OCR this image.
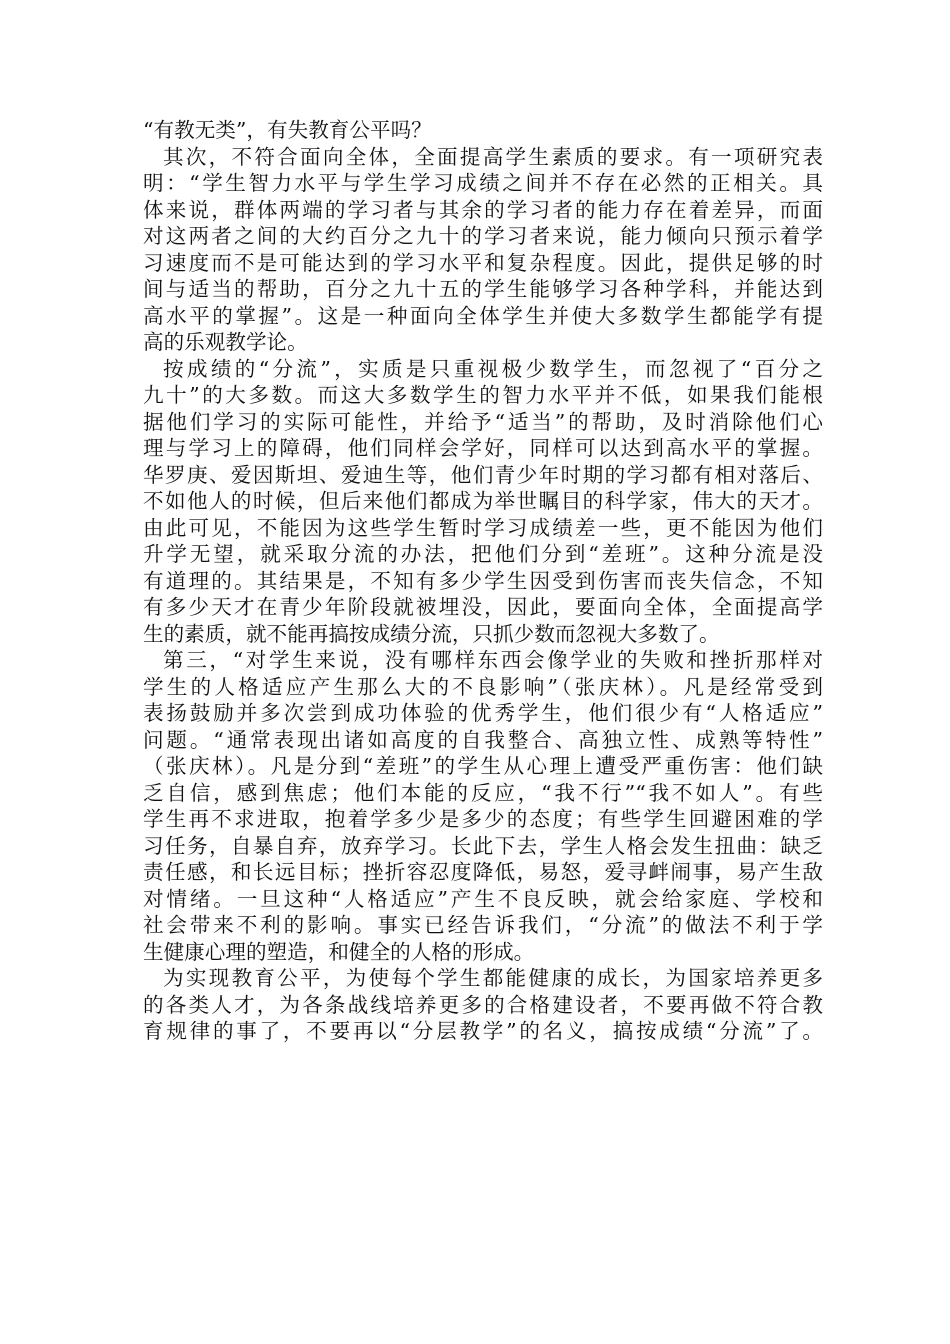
“有教无类”，有失教育公平吗？
其次，不符合面向全体，全面提高学生素质的要求。有一项研究表
明：“学生智力水平与学生学习成绩之间并不存在必然的正相关。具
体来说，群体两端的学习者与其余的学习者的能力存在着差异，而面
对这两者之间的大约百分之九十的学习者来说，能力倾向只预示着学
习速度而不是可能达到的学习水平和复杂程度。因此，提供足够的时
间与适当的帮助，百分之九十五的学生能够学习各种学科，并能达到
高水平的掌握”。这是一种面向全体学生并使大多数学生都能学有提
高的乐观教学论。
按成绩的“分流”，实质是只重视极少数学生，而忽视了“百分之
九十”的大多数。而这大多数学生的智力水平并不低，如果我们能根
据他们学习的实际可能性，并给予“适当”的帮助，及时消除他们心
理与学习上的障碍，他们同样会学好，同样可以达到高水平的掌握。
华罗庚、爱因斯坦、爱迪生等，他们青少年时期的学习都有相对落后、
不如他人的时候，但后来他们都成为举世瞩目的科学家，伟大的天才。
由此可见，不能因为这些学生暂时学习成绩差一些，更不能因为他们
升学无望，就采取分流的办法，把他们分到“差班”。这种分流是没
有道理的。其结果是，不知有多少学生因受到伤害而丧失信念，不知
有多少天才在青少年阶段就被埋没，因此，要面向全体，全面提高学
生的素质，就不能再搞按成绩分流，只抓少数而忽视大多数了。
第三，“对学生来说，没有哪样东西会像学业的失败和挫折那样对
学生的人格适应产生那么大的不良影响”（张庆林）。凡是经常受到
表扬鼓励并多次尝到成功体验的优秀学生，他们很少有“人格适应”
问题。“通常表现出诸如高度的自我整合、高独立性、成熟等特性”
（张庆林）。凡是分到“差班”的学生从心理上遭受严重伤害：他们缺
乏自信，感到焦虑；他们本能的反应，“我不行”“我不如人”。有些
学生再不求进取，抱着学多少是多少的态度；有些学生回避困难的学
习任务，自暴自弃，放弃学习。长此下去，学生人格会发生扭曲：缺乏
责任感，和长远目标；挫折容忍度降低，易怒，爱寻衅闹事，易产生敌
对情绪。一旦这种“人格适应”产生不良反映，就会给家庭、学校和
社会带来不利的影响。事实已经告诉我们，“分流”的做法不利于学
生健康心理的塑造，和健全的人格的形成。
为实现教育公平，为使每个学生都能健康的成长，为国家培养更多
的各类人才，为各条战线培养更多的合格建设者，不要再做不符合教
育规律的事了，不要再以“分层教学”的名义，搞按成绩“分流”了。
